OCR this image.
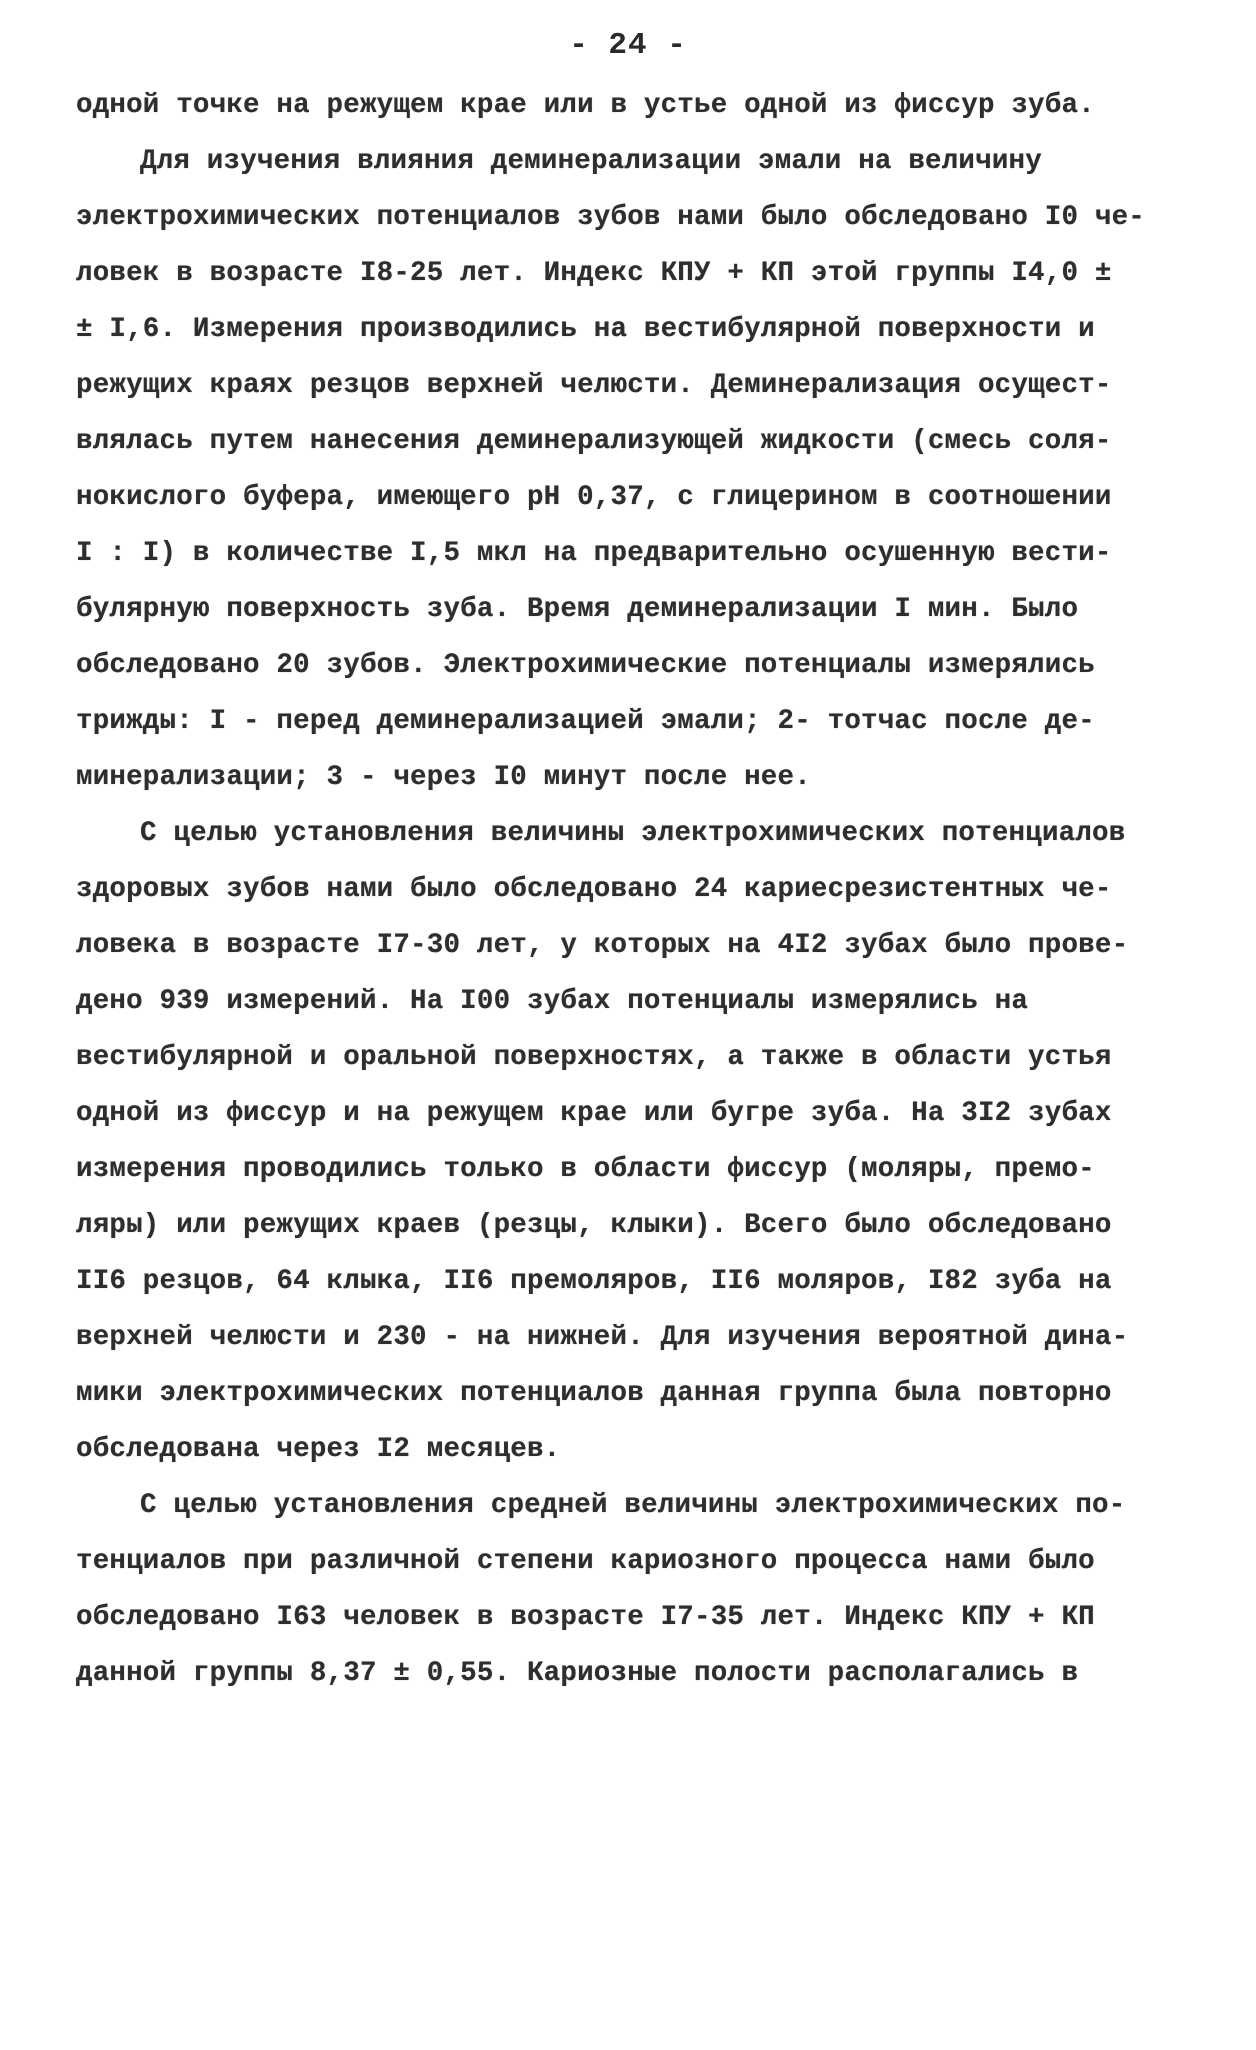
- 24 -
одной точке на режущем крае или в устье одной из фиссур зуба.
Для изучения влияния деминерализации эмали на величину
электрохимических потенциалов зубов нами было обследовано I0 че-
ловек в возрасте I8-25 лет. Индекс КПУ + КП этой группы I4,0 ±
± I,6. Измерения производились на вестибулярной поверхности и
режущих краях резцов верхней челюсти. Деминерализация осущест-
влялась путем нанесения деминерализующей жидкости (смесь соля-
нокислого буфера, имеющего pH 0,37, с глицерином в соотношении
I : I) в количестве I,5 мкл на предварительно осушенную вести-
булярную поверхность зуба. Время деминерализации I мин. Было
обследовано 20 зубов. Электрохимические потенциалы измерялись
трижды: I - перед деминерализацией эмали; 2- тотчас после де-
минерализации; 3 - через I0 минут после нее.
С целью установления величины электрохимических потенциалов
здоровых зубов нами было обследовано 24 кариесрезистентных че-
ловека в возрасте I7-30 лет, у которых на 4I2 зубах было прове-
дено 939 измерений. На I00 зубах потенциалы измерялись на
вестибулярной и оральной поверхностях, а также в области устья
одной из фиссур и на режущем крае или бугре зуба. На 3I2 зубах
измерения проводились только в области фиссур (моляры, премо-
ляры) или режущих краев (резцы, клыки). Всего было обследовано
II6 резцов, 64 клыка, II6 премоляров, II6 моляров, I82 зуба на
верхней челюсти и 230 - на нижней. Для изучения вероятной дина-
мики электрохимических потенциалов данная группа была повторно
обследована через I2 месяцев.
С целью установления средней величины электрохимических по-
тенциалов при различной степени кариозного процесса нами было
обследовано I63 человек в возрасте I7-35 лет. Индекс КПУ + КП
данной группы 8,37 ± 0,55. Кариозные полости располагались в
